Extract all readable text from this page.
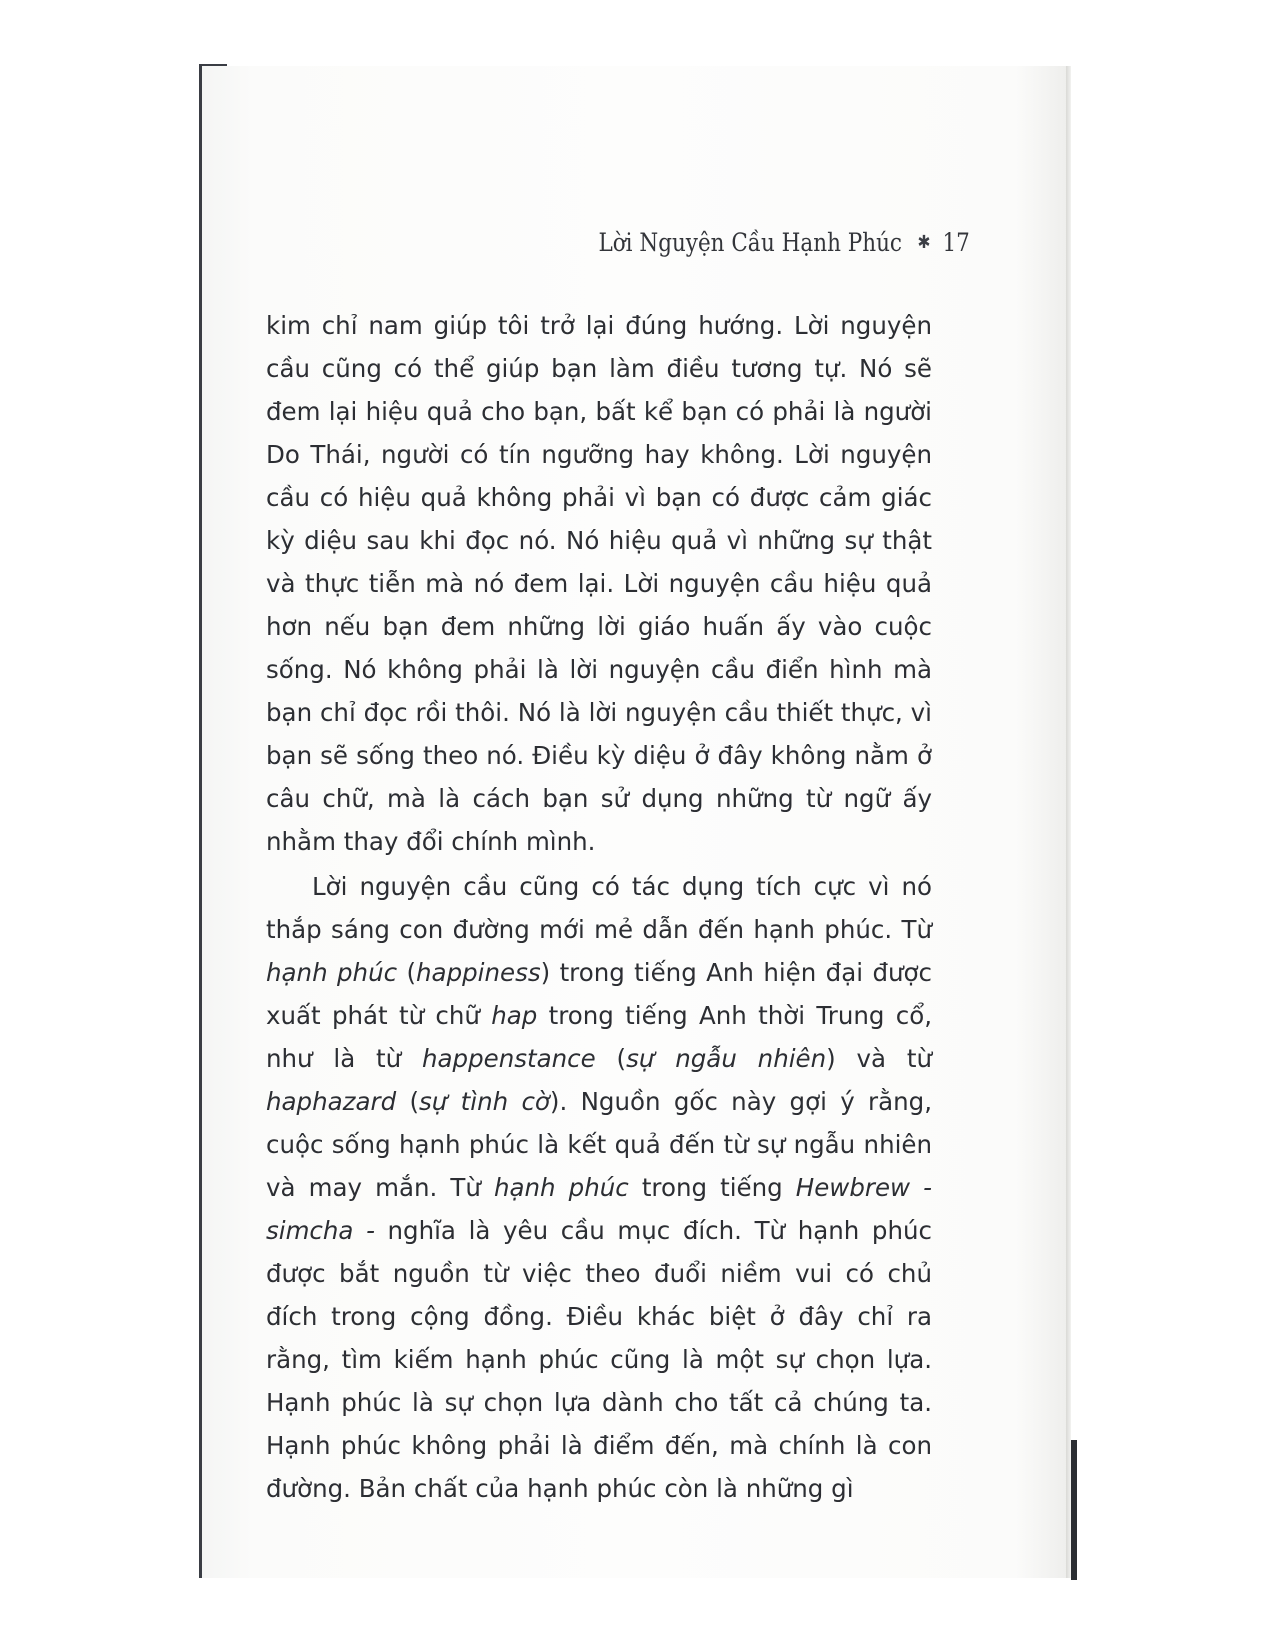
Lời Nguyện Cầu Hạnh Phúc ✱ 17

kim chỉ nam giúp tôi trở lại đúng hướng. Lời nguyện cầu cũng có thể giúp bạn làm điều tương tự. Nó sẽ đem lại hiệu quả cho bạn, bất kể bạn có phải là người Do Thái, người có tín ngưỡng hay không. Lời nguyện cầu có hiệu quả không phải vì bạn có được cảm giác kỳ diệu sau khi đọc nó. Nó hiệu quả vì những sự thật và thực tiễn mà nó đem lại. Lời nguyện cầu hiệu quả hơn nếu bạn đem những lời giáo huấn ấy vào cuộc sống. Nó không phải là lời nguyện cầu điển hình mà bạn chỉ đọc rồi thôi. Nó là lời nguyện cầu thiết thực, vì bạn sẽ sống theo nó. Điều kỳ diệu ở đây không nằm ở câu chữ, mà là cách bạn sử dụng những từ ngữ ấy nhằm thay đổi chính mình.

Lời nguyện cầu cũng có tác dụng tích cực vì nó thắp sáng con đường mới mẻ dẫn đến hạnh phúc. Từ hạnh phúc (happiness) trong tiếng Anh hiện đại được xuất phát từ chữ hap trong tiếng Anh thời Trung cổ, như là từ happenstance (sự ngẫu nhiên) và từ haphazard (sự tình cờ). Nguồn gốc này gợi ý rằng, cuộc sống hạnh phúc là kết quả đến từ sự ngẫu nhiên và may mắn. Từ hạnh phúc trong tiếng Hewbrew - simcha - nghĩa là yêu cầu mục đích. Từ hạnh phúc được bắt nguồn từ việc theo đuổi niềm vui có chủ đích trong cộng đồng. Điều khác biệt ở đây chỉ ra rằng, tìm kiếm hạnh phúc cũng là một sự chọn lựa. Hạnh phúc là sự chọn lựa dành cho tất cả chúng ta. Hạnh phúc không phải là điểm đến, mà chính là con đường. Bản chất của hạnh phúc còn là những gì
